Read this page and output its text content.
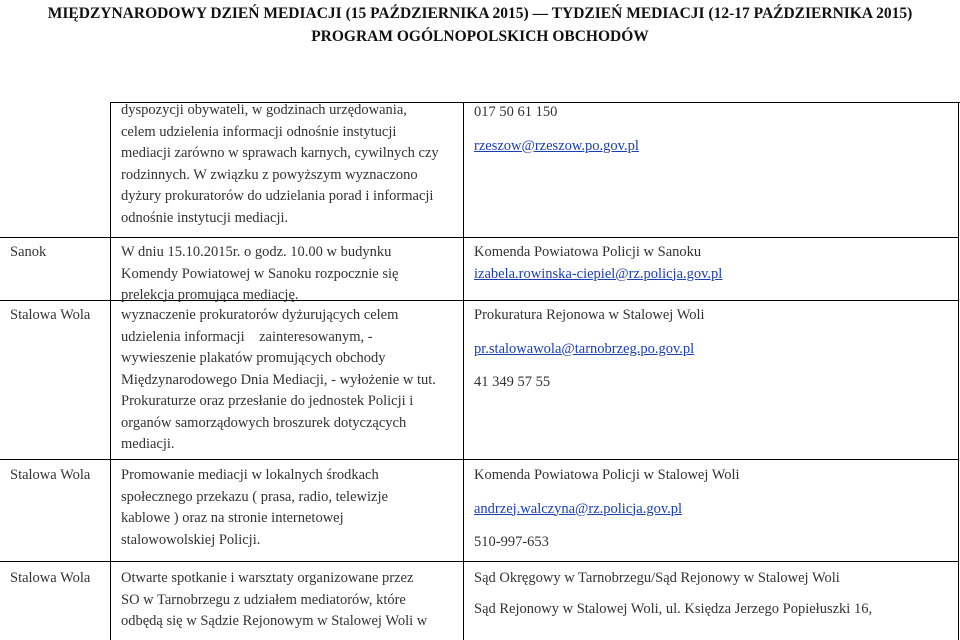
MIĘDZYNARODOWY DZIEŃ MEDIACJI (15 PAŹDZIERNIKA 2015) — TYDZIEŃ MEDIACJI (12-17 PAŹDZIERNIKA 2015)
PROGRAM OGÓLNOPOLSKICH OBCHODÓW
dyspozycji obywateli, w godzinach urzędowania,
celem udzielenia informacji odnośnie instytucji
mediacji zarówno w sprawach karnych, cywilnych czy
rodzinnych. W związku z powyższym wyznaczono
dyżury prokuratorów do udzielania porad i informacji
odnośnie instytucji mediacji.

017 50 61 150

rzeszow@rzeszow.po.gov.pl

Sanok	W dniu 15.10.2015r. o godz. 10.00 w budynku
Komendy Powiatowej w Sanoku rozpocznie się
prelekcja promująca mediację.

Komenda Powiatowa Policji w Sanoku

izabela.rowinska-ciepiel@rz.policja.gov.pl

Stalowa Wola wyznaczenie prokuratorów dyżurujących celem
udzielenia informacji    zainteresowanym, -
wywieszenie plakatów promujących obchody
Międzynarodowego Dnia Mediacji, - wyłożenie w tut.
Prokuraturze oraz przesłanie do jednostek Policji i
organów samorządowych broszurek dotyczących
mediacji.

Prokuratura Rejonowa w Stalowej Woli

pr.stalowawola@tarnobrzeg.po.gov.pl

41 349 57 55

Stalowa Wola Promowanie mediacji w lokalnych środkach
społecznego przekazu ( prasa, radio, telewizje
kablowe ) oraz na stronie internetowej
stalowowolskiej Policji.

Komenda Powiatowa Policji w Stalowej Woli

andrzej.walczyna@rz.policja.gov.pl

510-997-653

Stalowa Wola Otwarte spotkanie i warsztaty organizowane przez
SO w Tarnobrzegu z udziałem mediatorów, które
odbędą się w Sądzie Rejonowym w Stalowej Woli w

Sąd Okręgowy w Tarnobrzegu/Sąd Rejonowy w Stalowej Woli

Sąd Rejonowy w Stalowej Woli, ul. Księdza Jerzego Popiełuszki 16,
